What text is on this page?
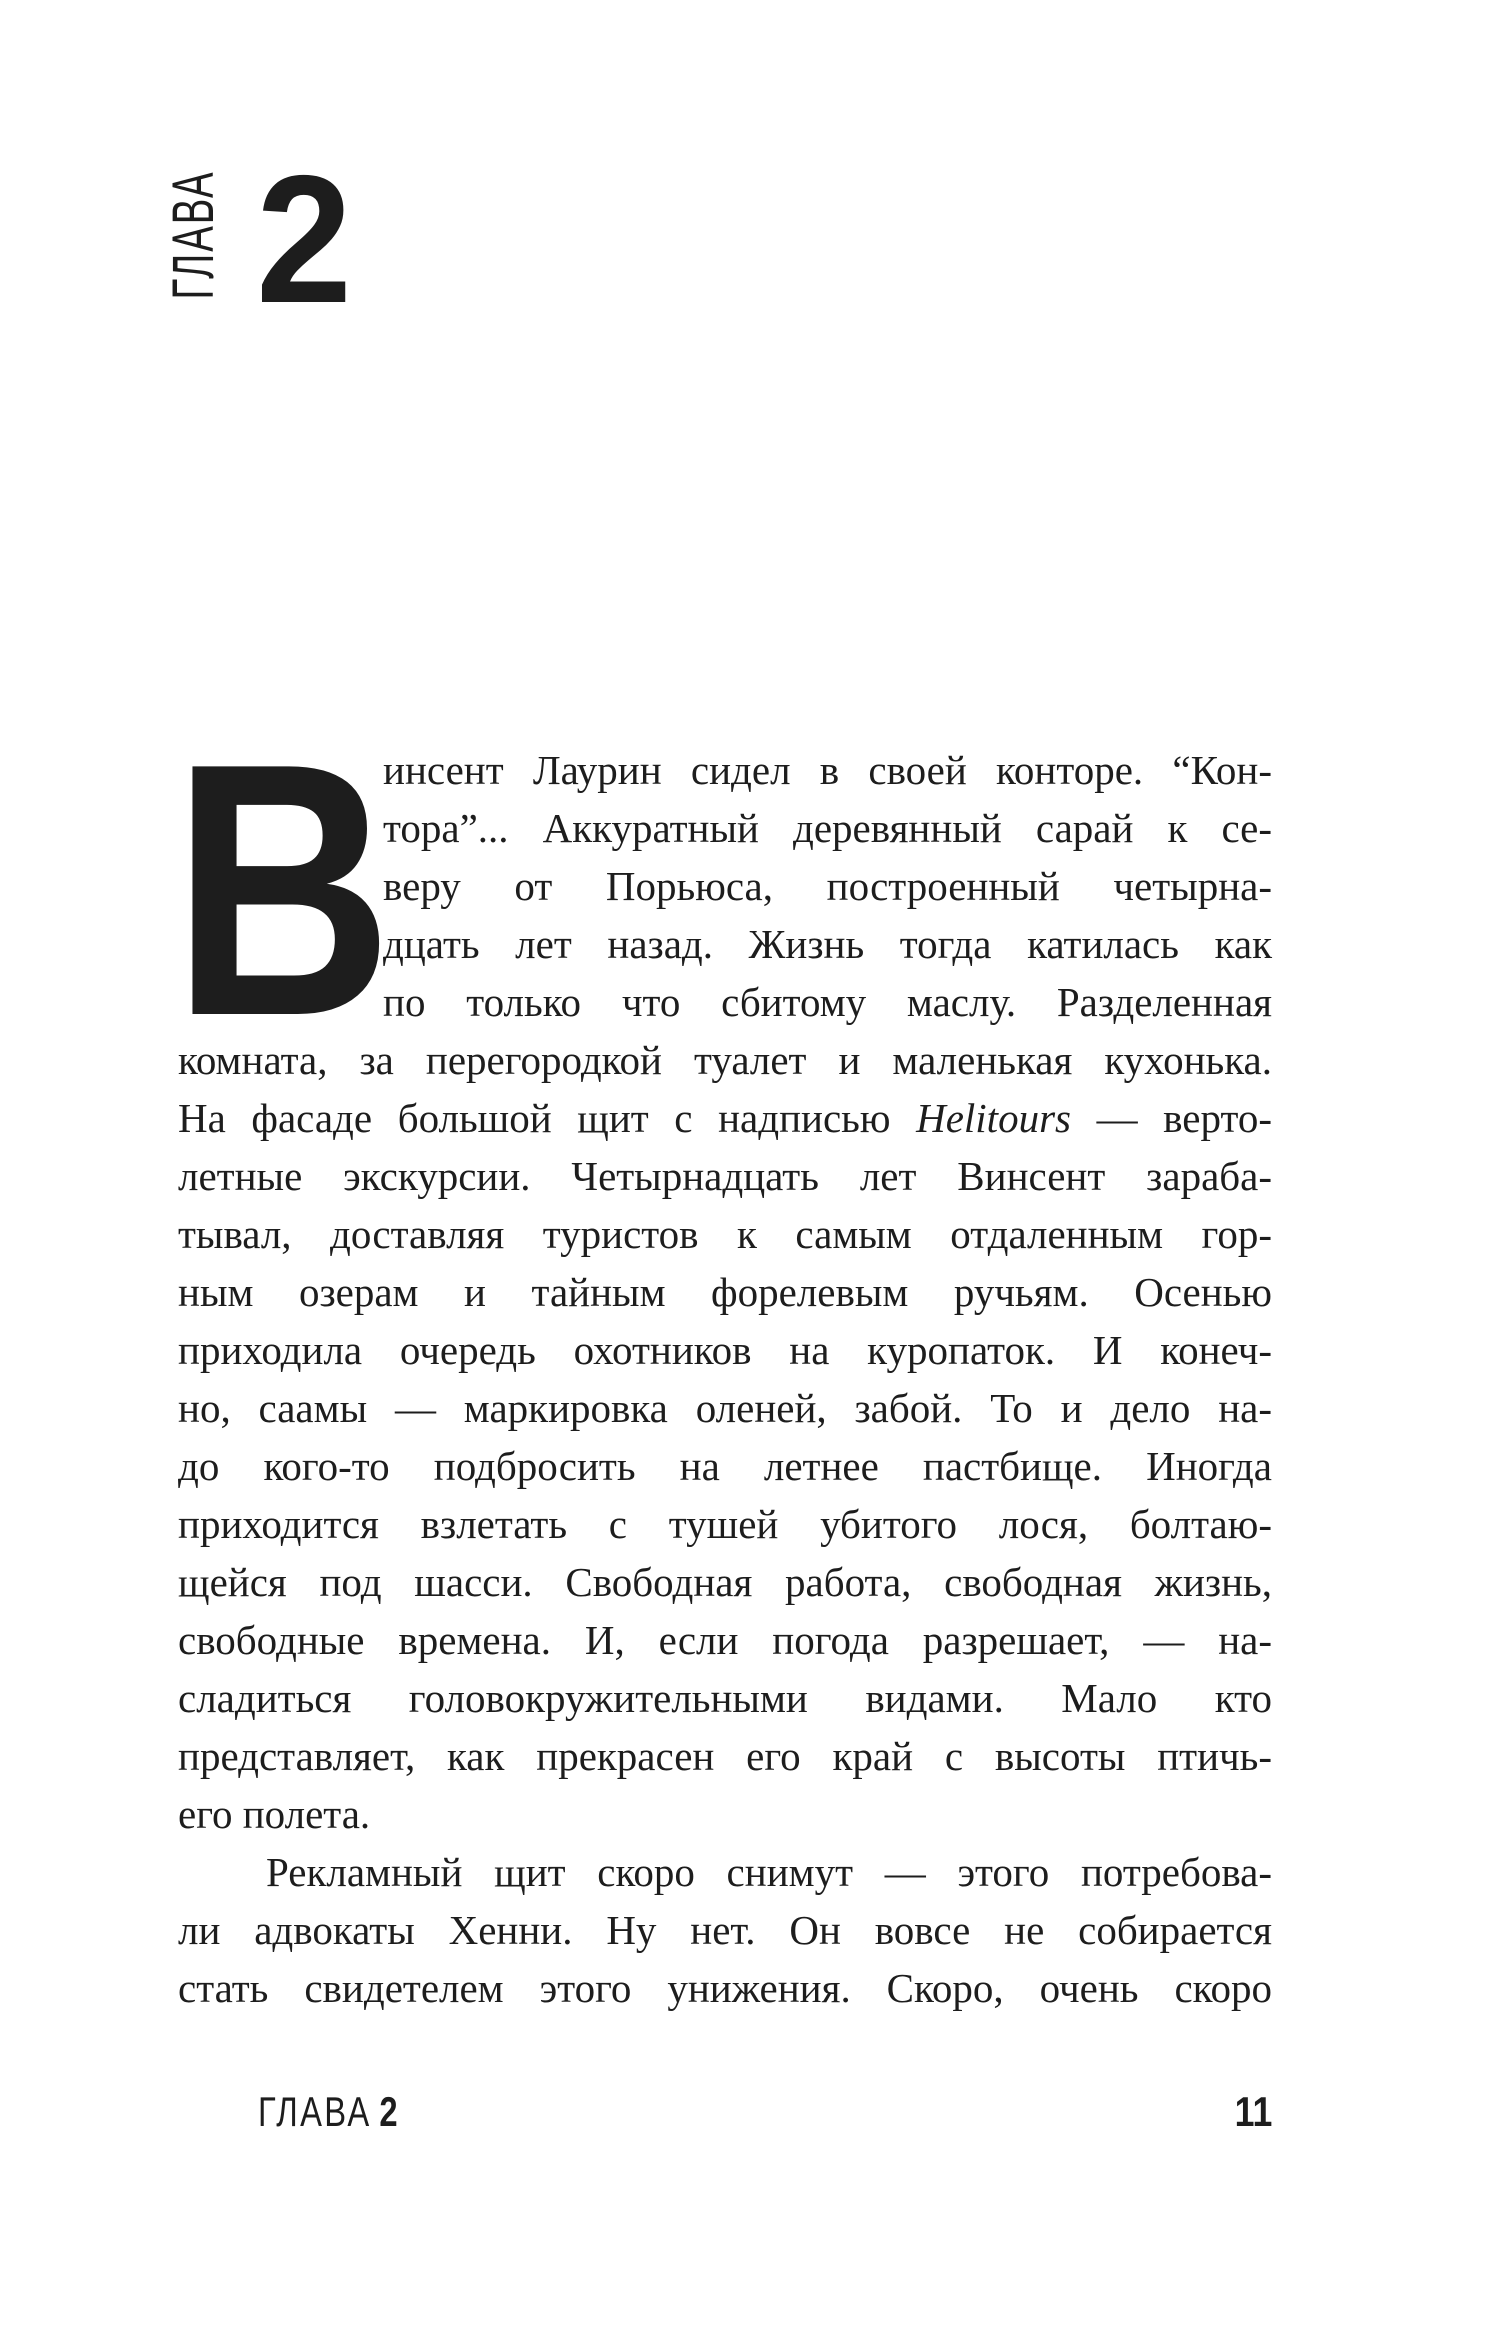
ГЛАВА 2
В
инсент Лаурин сидел в своей конторе. “Кон-
тора”... Аккуратный деревянный сарай к се-
веру от Порьюса, построенный четырна-
дцать лет назад. Жизнь тогда катилась как
по только что сбитому маслу. Разделенная
комната, за перегородкой туалет и маленькая кухонька.
На фасаде большой щит с надписью Helitours — верто-
летные экскурсии. Четырнадцать лет Винсент зараба-
тывал, доставляя туристов к самым отдаленным гор-
ным озерам и тайным форелевым ручьям. Осенью
приходила очередь охотников на куропаток. И конеч-
но, саамы — маркировка оленей, забой. То и дело на-
до кого-то подбросить на летнее пастбище. Иногда
приходится взлетать с тушей убитого лося, болтаю-
щейся под шасси. Свободная работа, свободная жизнь,
свободные времена. И, если погода разрешает, — на-
сладиться головокружительными видами. Мало кто
представляет, как прекрасен его край с высоты птичь-
его полета.
Рекламный щит скоро снимут — этого потребова-
ли адвокаты Хенни. Ну нет. Он вовсе не собирается
стать свидетелем этого унижения. Скоро, очень скоро
ГЛАВА 2	11
